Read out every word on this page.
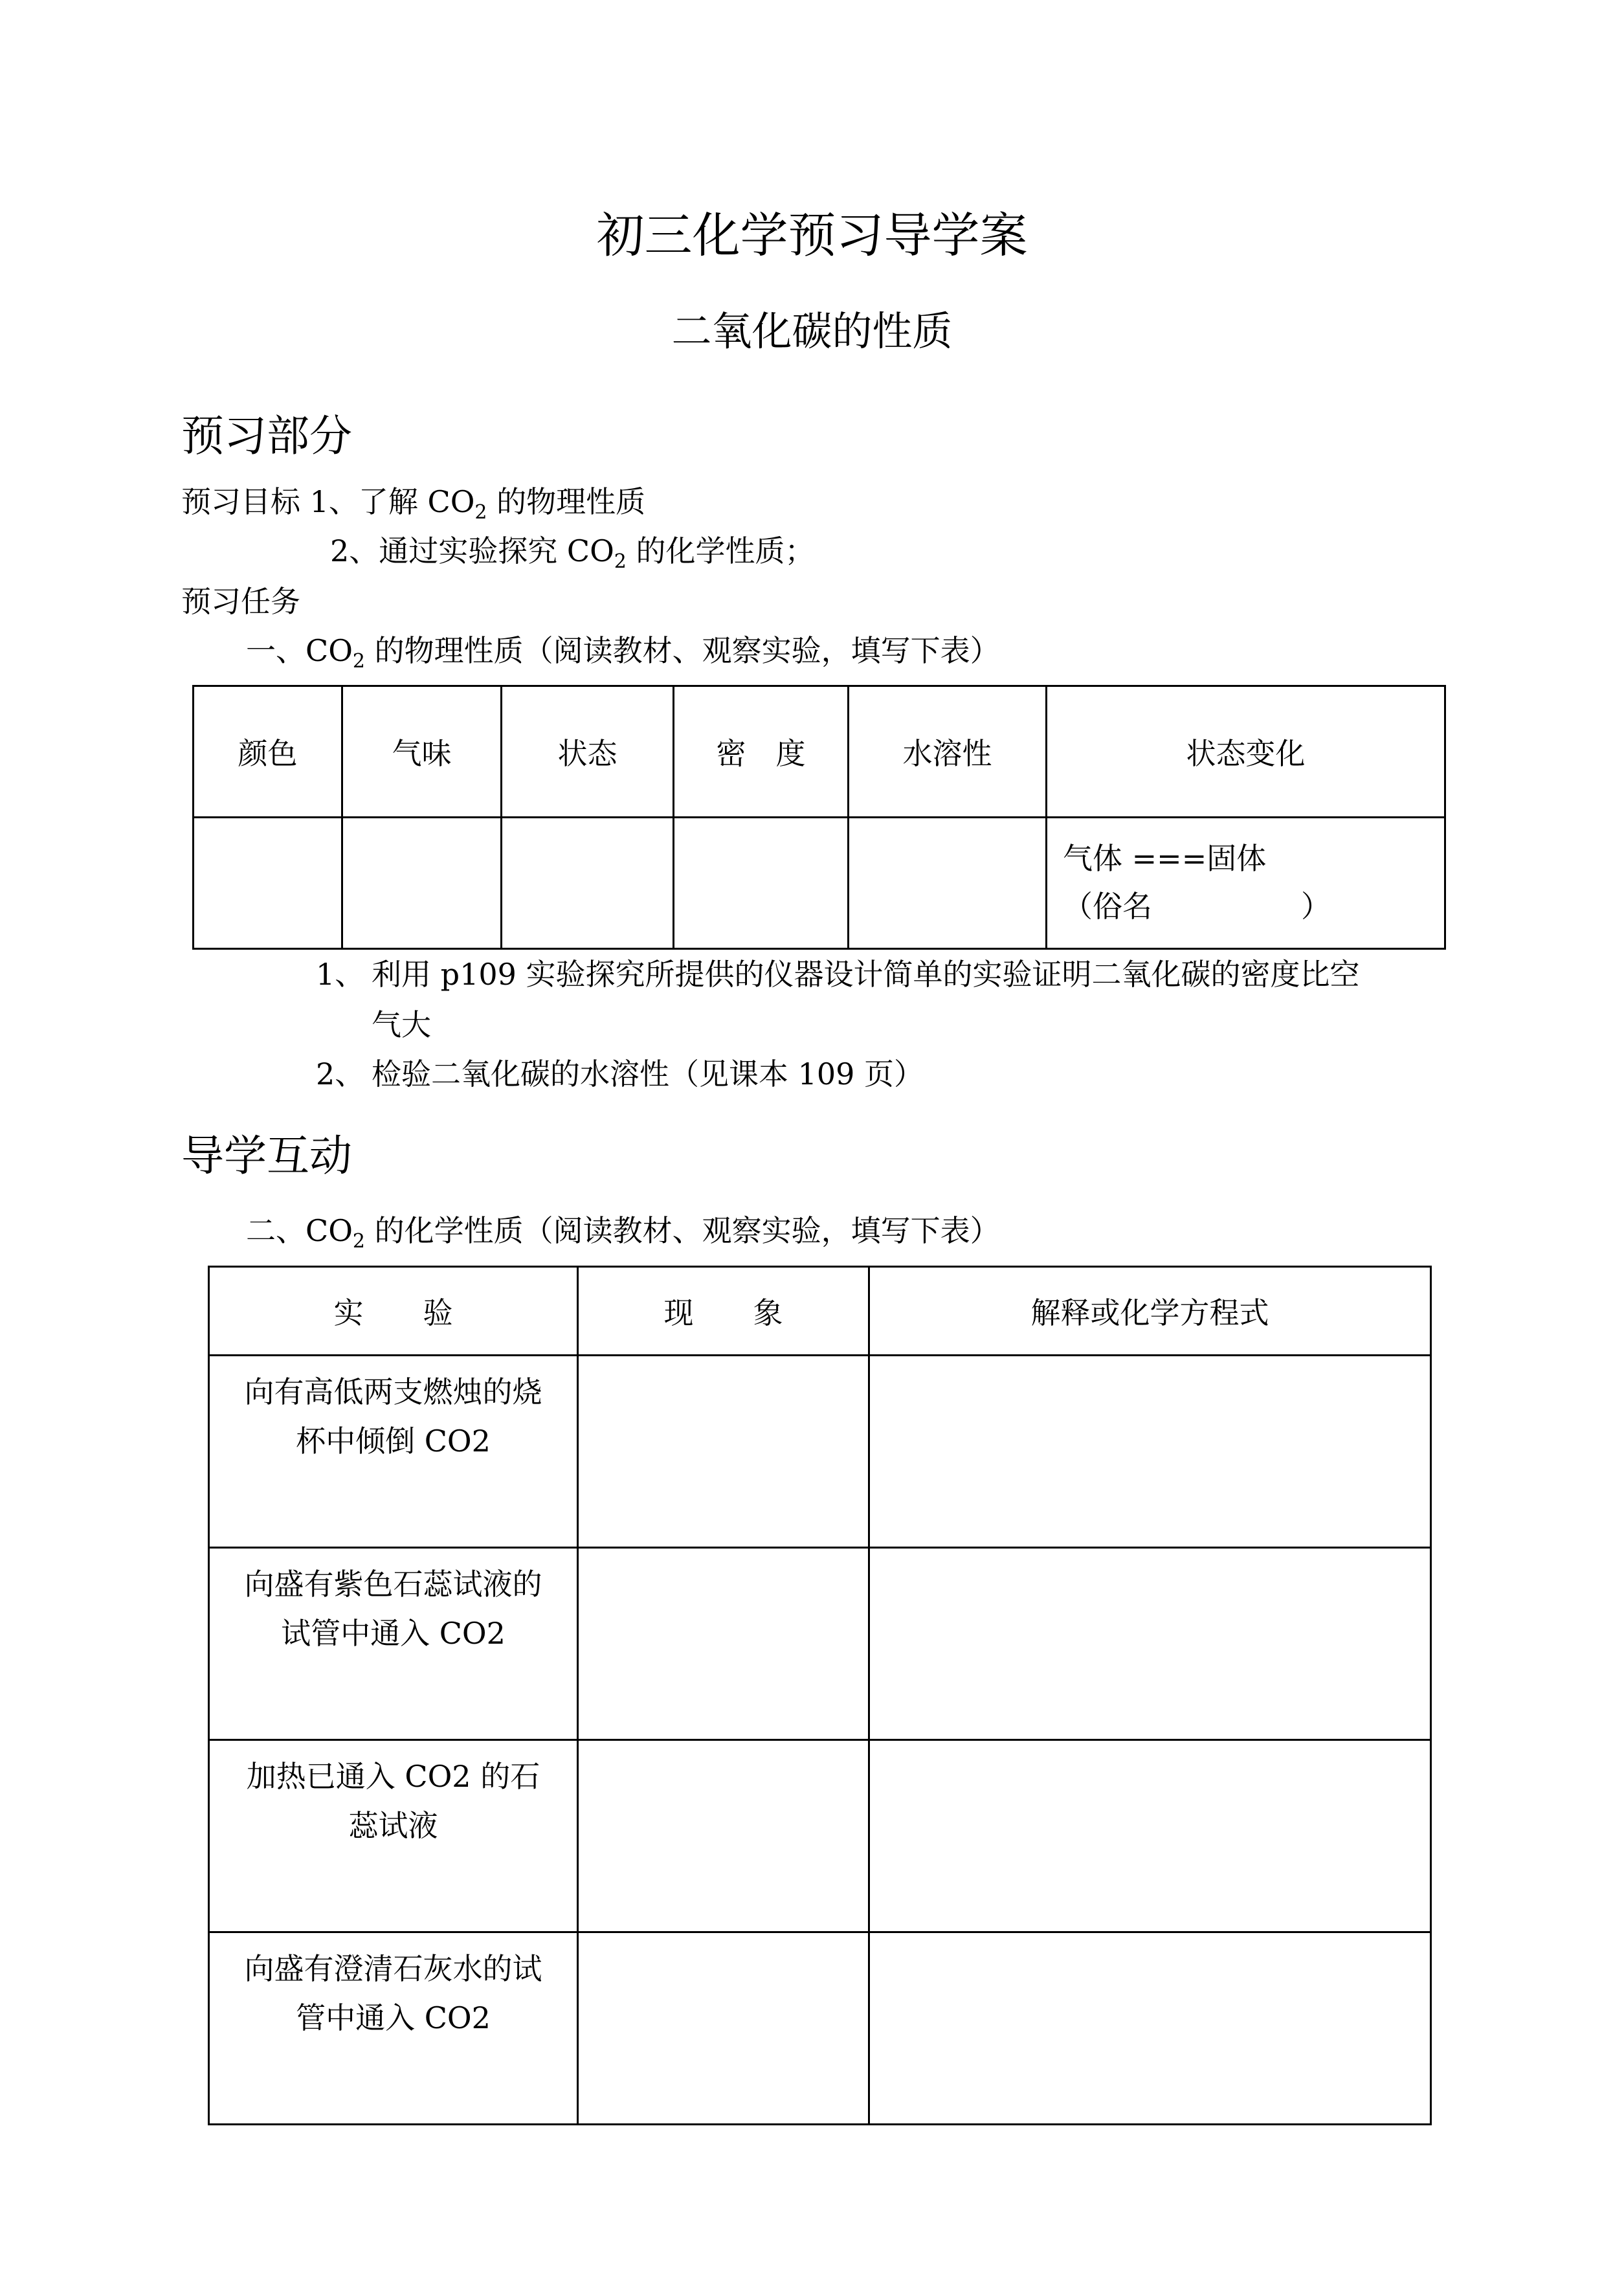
初三化学预习导学案
二氧化碳的性质
预习部分
预习目标 1、了解 $CO_2$ 的物理性质
2、通过实验探究 $CO_2$ 的化学性质；
预习任务
一、$CO_2$ 的物理性质（阅读教材、观察实验，填写下表）
颜色	气味	状态	密　度	水溶性	状态变化

					气体 ===固体
（俗名　　　　　）
1、 利用 p109 实验探究所提供的仪器设计简单的实验证明二氧化碳的密度比空
气大
2、 检验二氧化碳的水溶性（见课本 109 页）
导学互动
二、$CO_2$ 的化学性质（阅读教材、观察实验，填写下表）
实　　验	现　　象	解释或化学方程式

向有高低两支燃烛的烧
杯中倾倒 CO2		

向盛有紫色石蕊试液的
试管中通入 CO2		

加热已通入 CO2 的石
蕊试液		

向盛有澄清石灰水的试
管中通入 CO2		
